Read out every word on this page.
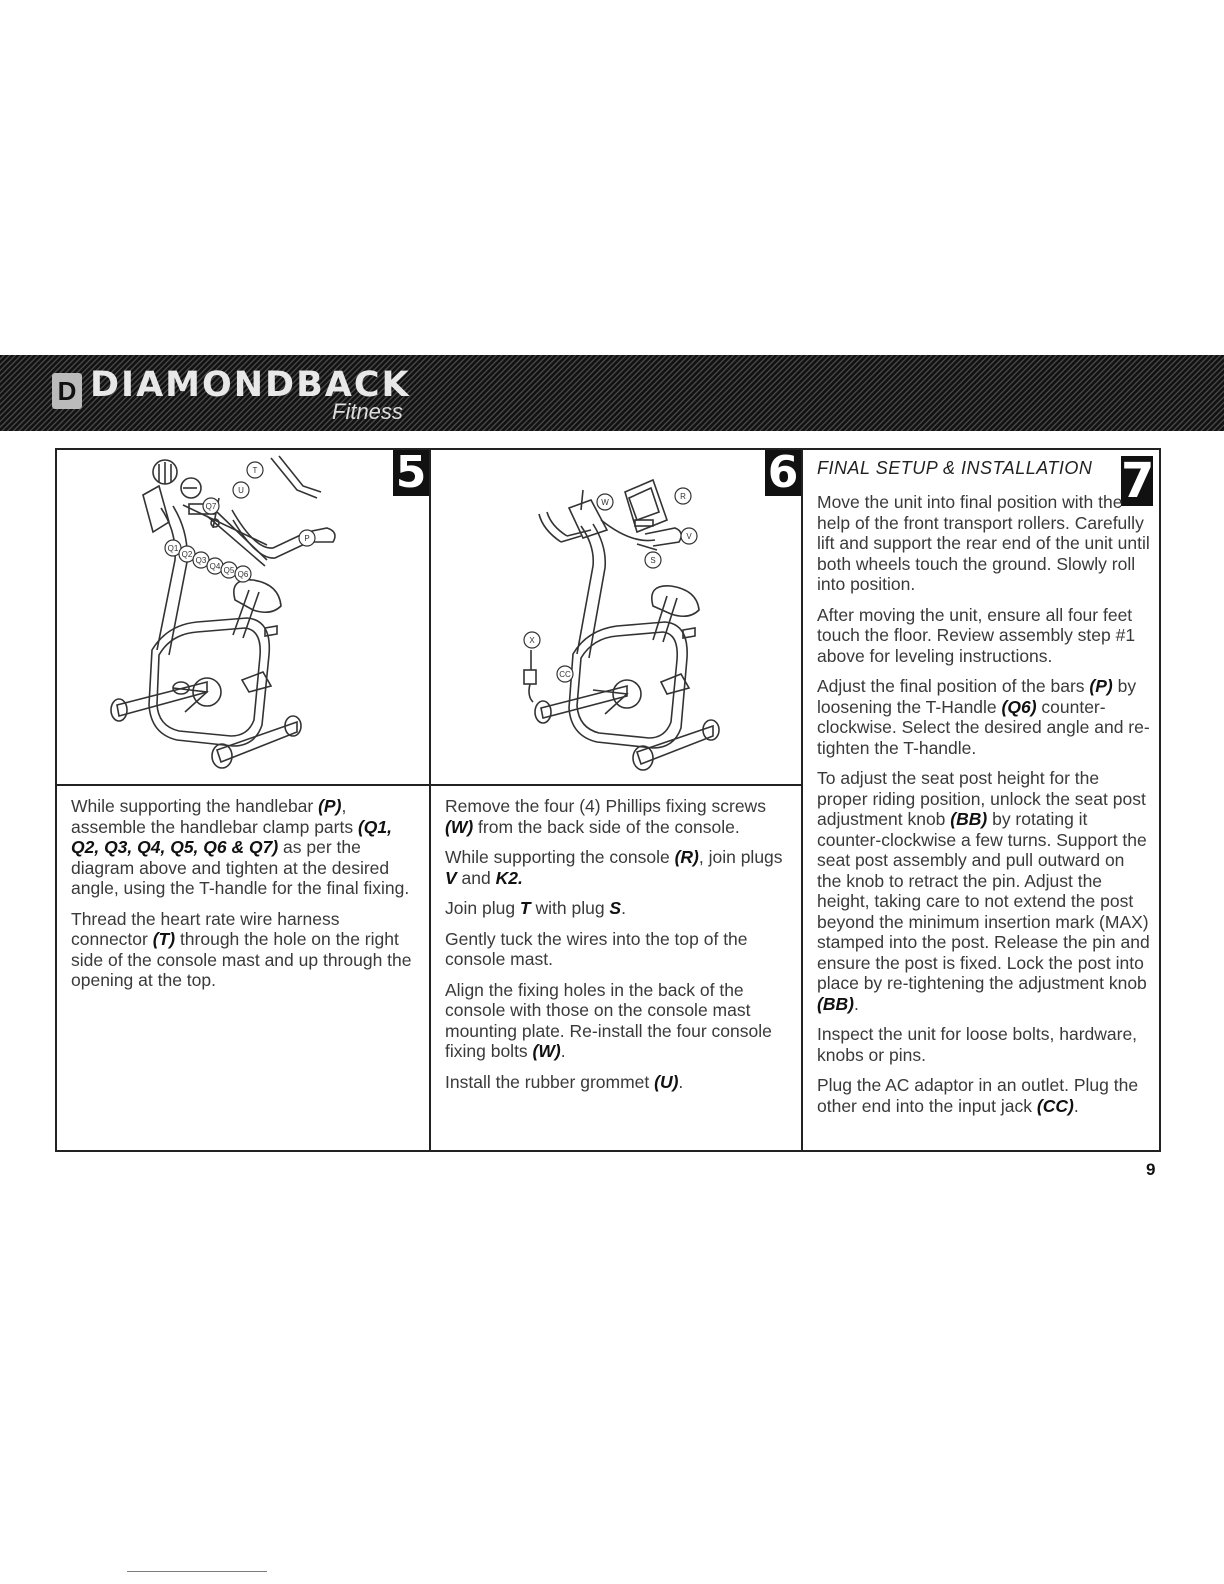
D DIAMONDBACK
Fitness
T
U
Q7
P
Q1
Q2
Q3
Q4 Q5 Q6
5

While supporting the handlebar (P), assemble the handlebar clamp parts (Q1, Q2, Q3, Q4, Q5, Q6 & Q7) as per the diagram above and tighten at the desired angle, using the T-handle for the final fixing.

Thread the heart rate wire harness connector (T) through the hole on the right side of the console mast and up through the opening at the top.

W
R
V
S
X
CC
6

Remove the four (4) Phillips fixing screws (W) from the back side of the console.

While supporting the console (R), join plugs V and K2.

Join plug T with plug S.

Gently tuck the wires into the top of the console mast.

Align the fixing holes in the back of the console with those on the console mast mounting plate. Re-install the four console fixing bolts (W).

Install the rubber grommet (U).

FINAL SETUP & INSTALLATION 7

Move the unit into final position with the help of the front transport rollers. Carefully lift and support the rear end of the unit until both wheels touch the ground. Slowly roll into position.

After moving the unit, ensure all four feet touch the floor. Review assembly step #1 above for leveling instructions.

Adjust the final position of the bars (P) by loosening the T-Handle (Q6) counter-clockwise. Select the desired angle and re-tighten the T-handle.

To adjust the seat post height for the proper riding position, unlock the seat post adjustment knob (BB) by rotating it counter-clockwise a few turns. Support the seat post assembly and pull outward on the knob to retract the pin. Adjust the height, taking care to not extend the post beyond the minimum insertion mark (MAX) stamped into the post. Release the pin and ensure the post is fixed. Lock the post into place by re-tightening the adjustment knob (BB).

Inspect the unit for loose bolts, hardware, knobs or pins.

Plug the AC adaptor in an outlet. Plug the other end into the input jack (CC).

9
